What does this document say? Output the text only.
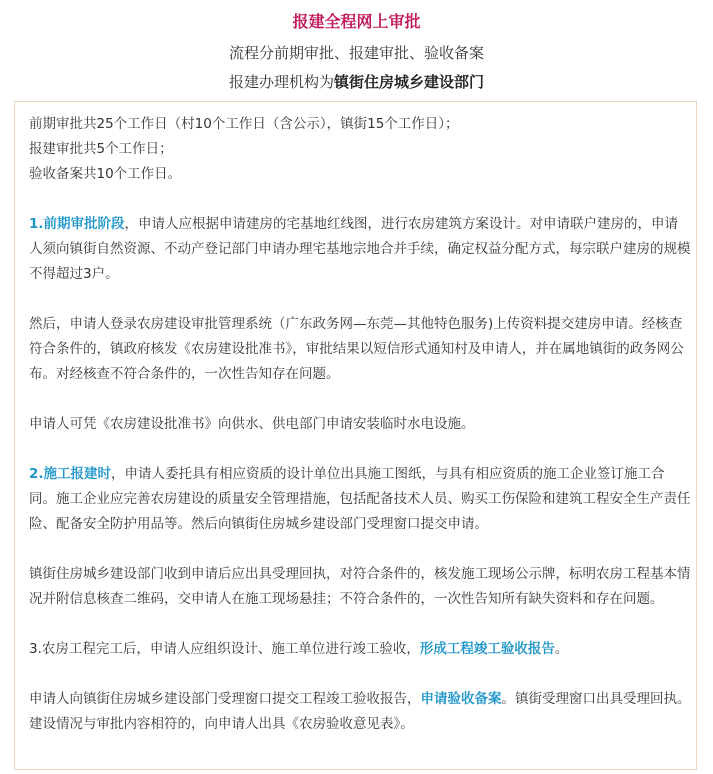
报建全程网上审批
流程分前期审批、报建审批、验收备案
报建办理机构为镇街住房城乡建设部门

前期审批共25个工作日（村10个工作日（含公示），镇街15个工作日）；

报建审批共5个工作日；

验收备案共10个工作日。

1.前期审批阶段，申请人应根据申请建房的宅基地红线图，进行农房建筑方案设计。对申请联户建房的，申请人须向镇街自然资源、不动产登记部门申请办理宅基地宗地合并手续，确定权益分配方式，每宗联户建房的规模不得超过3户。

然后，申请人登录农房建设审批管理系统（广东政务网—东莞—其他特色服务)上传资料提交建房申请。经核查符合条件的，镇政府核发《农房建设批准书》，审批结果以短信形式通知村及申请人，并在属地镇街的政务网公布。对经核查不符合条件的，一次性告知存在问题。

申请人可凭《农房建设批准书》向供水、供电部门申请安装临时水电设施。

2.施工报建时，申请人委托具有相应资质的设计单位出具施工图纸，与具有相应资质的施工企业签订施工合同。施工企业应完善农房建设的质量安全管理措施，包括配备技术人员、购买工伤保险和建筑工程安全生产责任险、配备安全防护用品等。然后向镇街住房城乡建设部门受理窗口提交申请。

镇街住房城乡建设部门收到申请后应出具受理回执，对符合条件的，核发施工现场公示牌，标明农房工程基本情况并附信息核查二维码，交申请人在施工现场悬挂；不符合条件的，一次性告知所有缺失资料和存在问题。

3.农房工程完工后，申请人应组织设计、施工单位进行竣工验收，形成工程竣工验收报告。

申请人向镇街住房城乡建设部门受理窗口提交工程竣工验收报告，申请验收备案。镇街受理窗口出具受理回执。建设情况与审批内容相符的，向申请人出具《农房验收意见表》。
